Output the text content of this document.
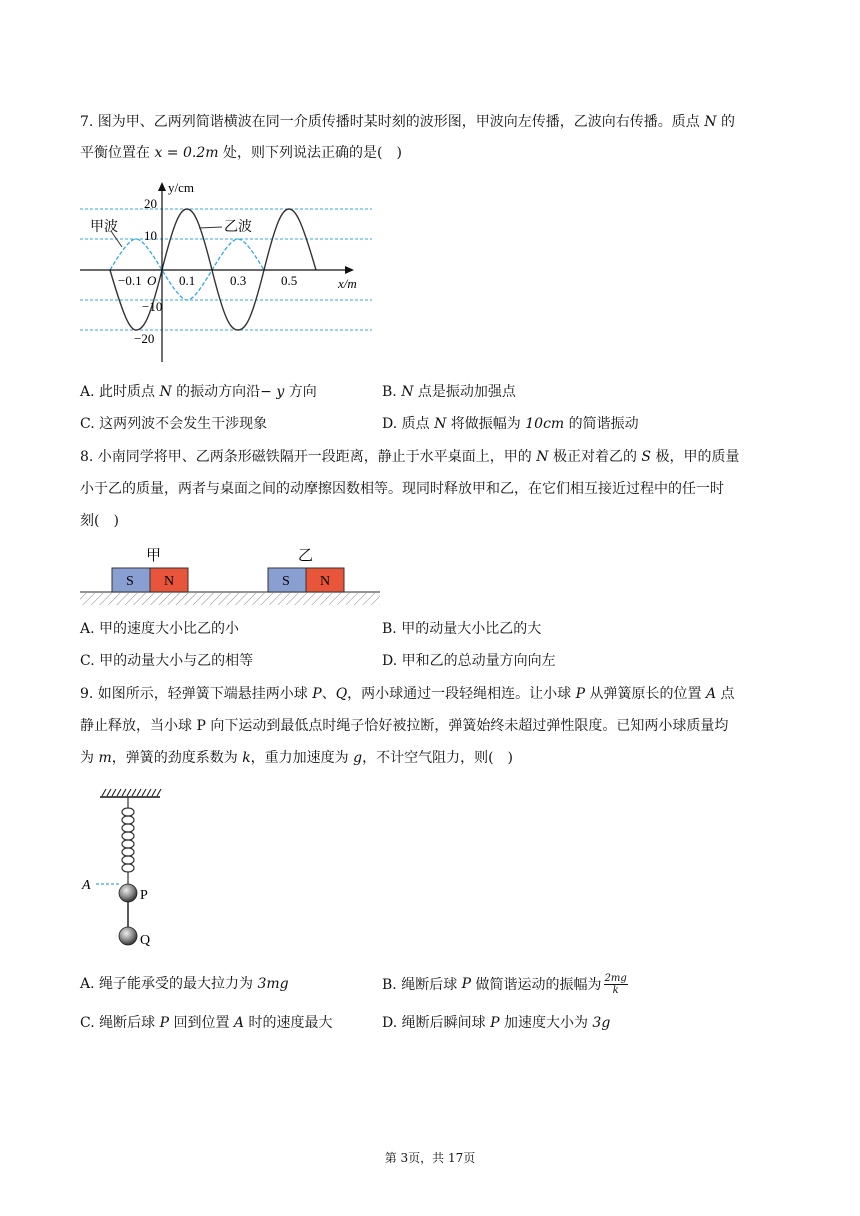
7. 图为甲、乙两列简谐横波在同一介质传播时某时刻的波形图，甲波向左传播，乙波向右传播。质点 N 的
平衡位置在 x = 0.2m 处，则下列说法正确的是(　)
y/cm
x/m
O
甲波	乙波
20
10
−10
−20
−0.1	0.1	0.3	0.5
A. 此时质点 N 的振动方向沿− y 方向	B. N 点是振动加强点
C. 这两列波不会发生干涉现象	D. 质点 N 将做振幅为 10cm 的简谐振动
8. 小南同学将甲、乙两条形磁铁隔开一段距离，静止于水平桌面上，甲的 N 极正对着乙的 S 极，甲的质量
小于乙的质量，两者与桌面之间的动摩擦因数相等。现同时释放甲和乙，在它们相互接近过程中的任一时
刻(　)
甲	乙
S N	S N
A. 甲的速度大小比乙的小	B. 甲的动量大小比乙的大
C. 甲的动量大小与乙的相等	D. 甲和乙的总动量方向向左
9. 如图所示，轻弹簧下端悬挂两小球 P、Q，两小球通过一段轻绳相连。让小球 P 从弹簧原长的位置 A 点
静止释放，当小球 P 向下运动到最低点时绳子恰好被拉断，弹簧始终未超过弹性限度。已知两小球质量均
为 m，弹簧的劲度系数为 k，重力加速度为 g，不计空气阻力，则(　)
A
P
Q
A. 绳子能承受的最大拉力为 3mg	B. 绳断后球
P
做简谐运动的振幅为 2mg
k
C. 绳断后球 P 回到位置 A 时的速度最大	D. 绳断后瞬间球 P 加速度大小为 3g
第 3页，共 17页
